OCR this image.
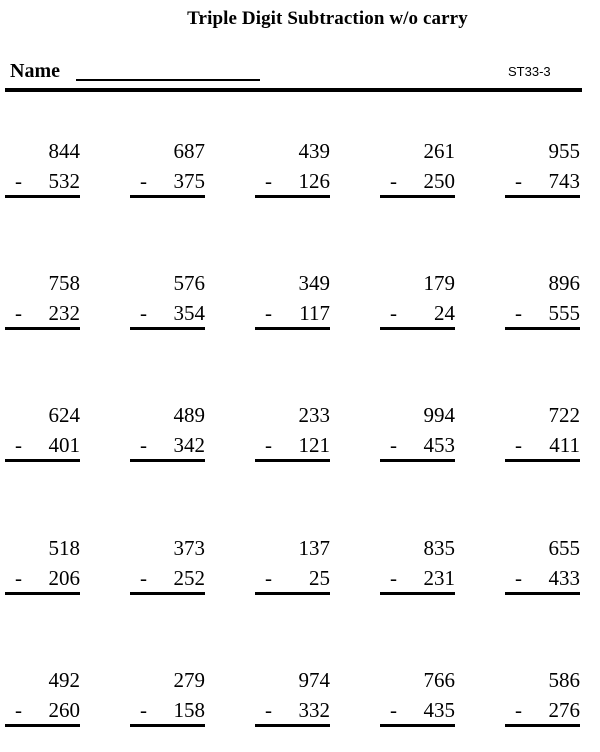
Triple Digit Subtraction w/o carry
Name	ST33-3
844
- 532
687
- 375
439
- 126
261
- 250
955
- 743
758
- 232
576
- 354
349
- 117
179
- 24
896
- 555
624
- 401
489
- 342
233
- 121
994
- 453
722
- 411
518
- 206
373
- 252
137
- 25
835
- 231
655
- 433
492
- 260
279
- 158
974
- 332
766
- 435
586
- 276
